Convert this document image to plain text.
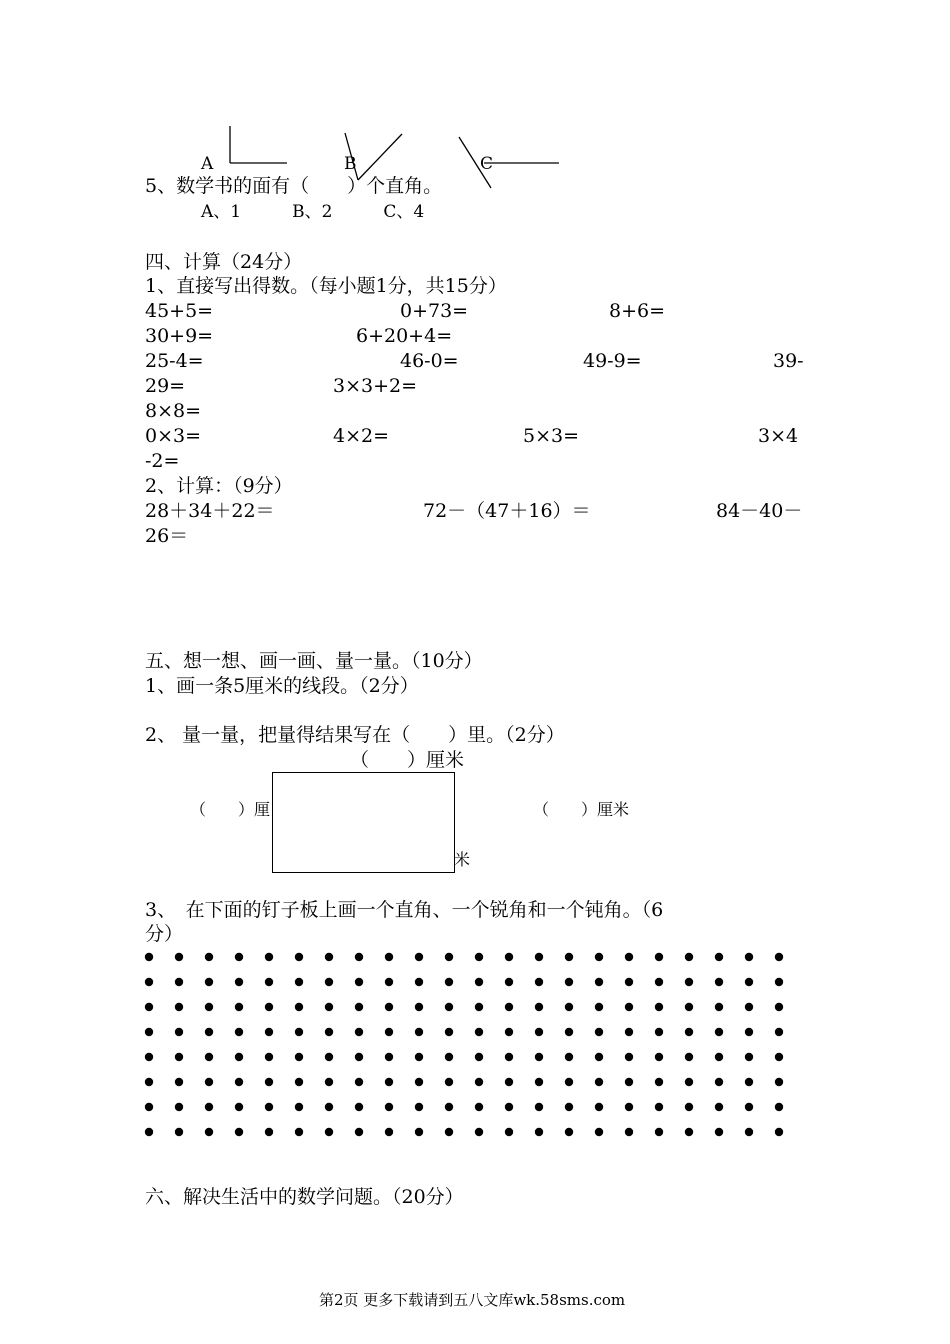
A	B	C
5、数学书的面有（　　）个直角。
A、1　　　B、2　　　C、4
四、计算（24分）
1、直接写出得数。（每小题1分，共15分）
45+5=	0+73=	8+6=
30+9=	6+20+4=
25-4=	46-0=	49-9=	39-
29=	3×3+2=
8×8=
0×3=	4×2=	5×3=	3×4
-2=
2、计算：（9分）
28＋34＋22＝	72－（47＋16）＝	84－40－
26＝
五、想一想、画一画、量一量。（10分）
1、画一条5厘米的线段。（2分）
2、 量一量，把量得结果写在（　　）里。（2分）
（　　）厘米
（　　）厘	（　　）厘米
米
3、　在下面的钉子板上画一个直角、一个锐角和一个钝角。（6
分）
六、解决生活中的数学问题。（20分）
第2页 更多下载请到五八文库wk.58sms.com
